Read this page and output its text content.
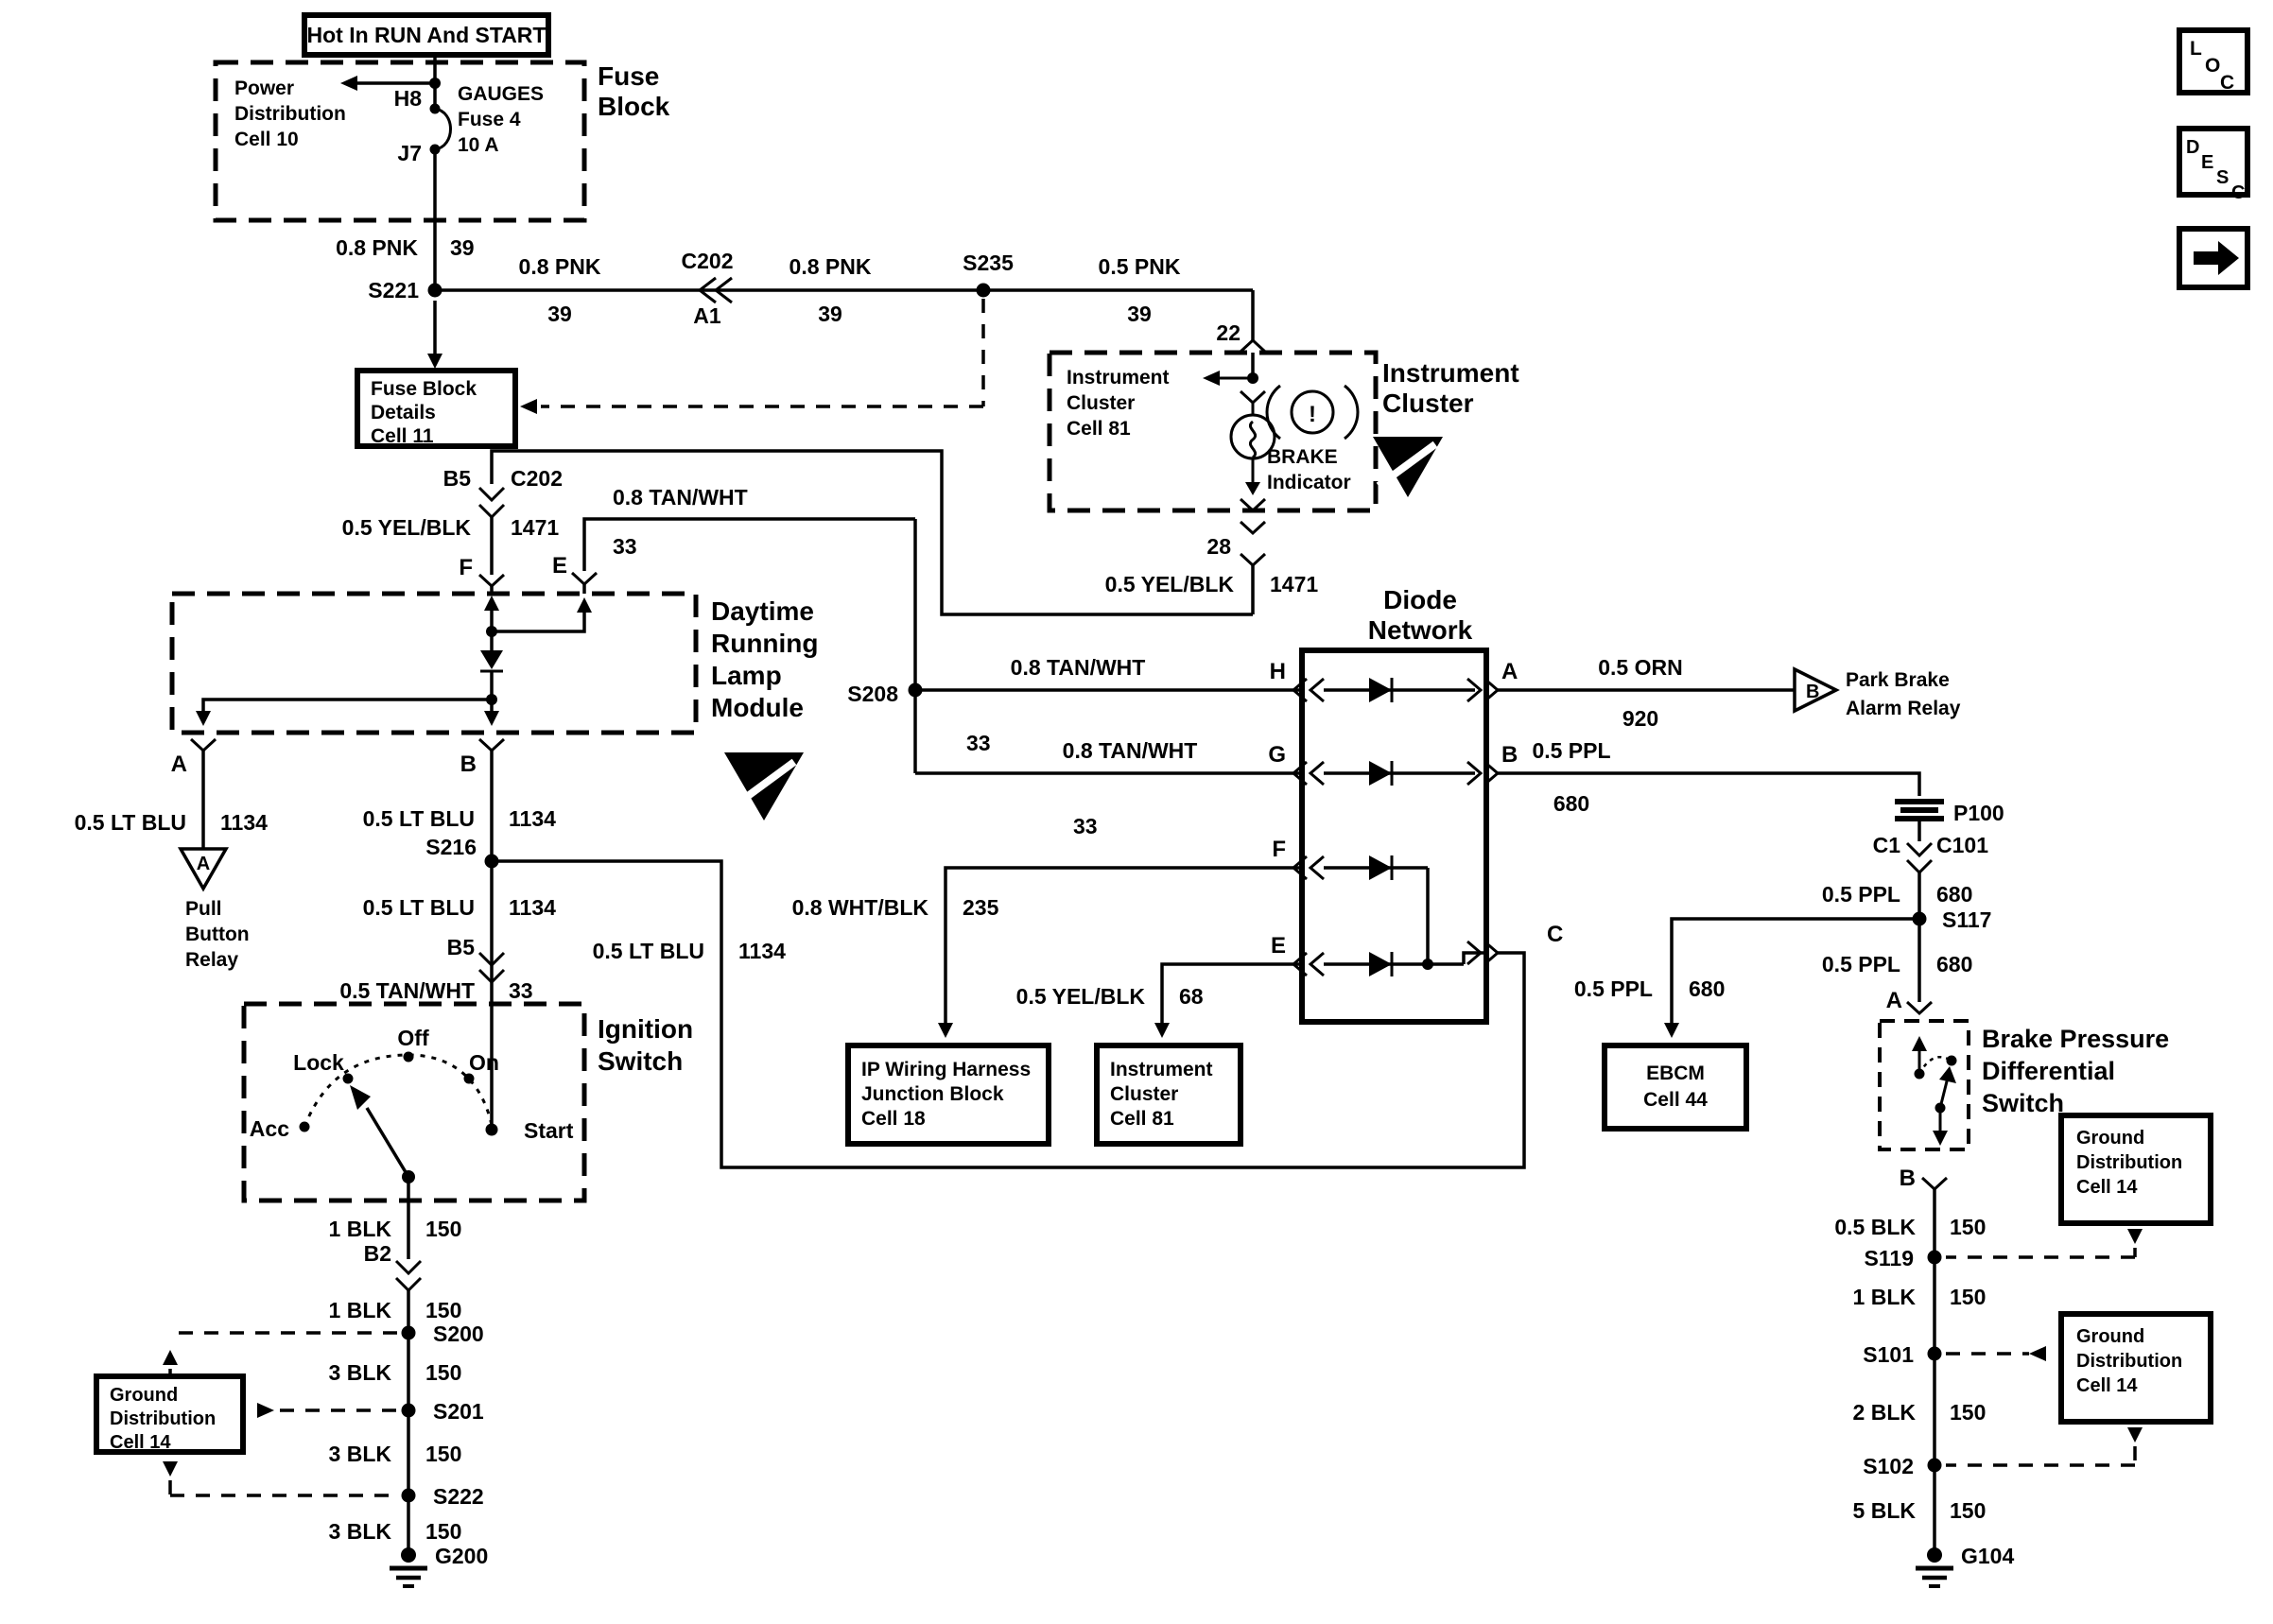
Hot In RUN And START
Fuse
Block
Power
Distribution
Cell 10
H8
J7
GAUGES
Fuse 4
10 A
0.8 PNK 39
S221
0.8 PNK
39
C202
A1
0.8 PNK
39
S235	0.5 PNK
39
22
Fuse Block
Details
Cell 11
Instrument
Cluster
Instrument
Cluster
Cell 81
!
BRAKE
Indicator
28
0.5 YEL/BLK 1471
B5 C202
0.5 YEL/BLK 1471
F
0.8 TAN/WHT
33
E
S208
0.8 TAN/WHT
33	0.8 TAN/WHT
33
Daytime
Running
Lamp
Module
A	B
0.5 LT BLU 1134
A
Pull
Button
Relay
0.5 LT BLU 1134
S216
0.5 LT BLU 1134
B5
0.5 TAN/WHT 33
0.5 LT BLU 1134
Ignition
Switch
Acc
Lock
Off
On
Start
1 BLK 150
B2
1 BLK 150
S200
3 BLK 150
S201
3 BLK 150
S222
3 BLK 150
G200
Ground
Distribution
Cell 14
Diode
Network
H	A
G	B
F
E	C
0.5 ORN
920
B
Park Brake
Alarm Relay
0.5 PPL
680	P100
C1 C101
0.5 PPL 680
S117
0.5 PPL 680
0.5 PPL 680
EBCM
Cell 44
A
Brake Pressure
Differential
Switch
B
0.5 BLK 150
S119
1 BLK 150
S101
2 BLK 150
S102
5 BLK 150
G104
Ground
Distribution
Cell 14
Ground
Distribution
Cell 14
0.8 WHT/BLK 235
IP Wiring Harness
Junction Block
Cell 18
0.5 YEL/BLK 68
Instrument
Cluster
Cell 81
L
O
C
D
E
S
C
